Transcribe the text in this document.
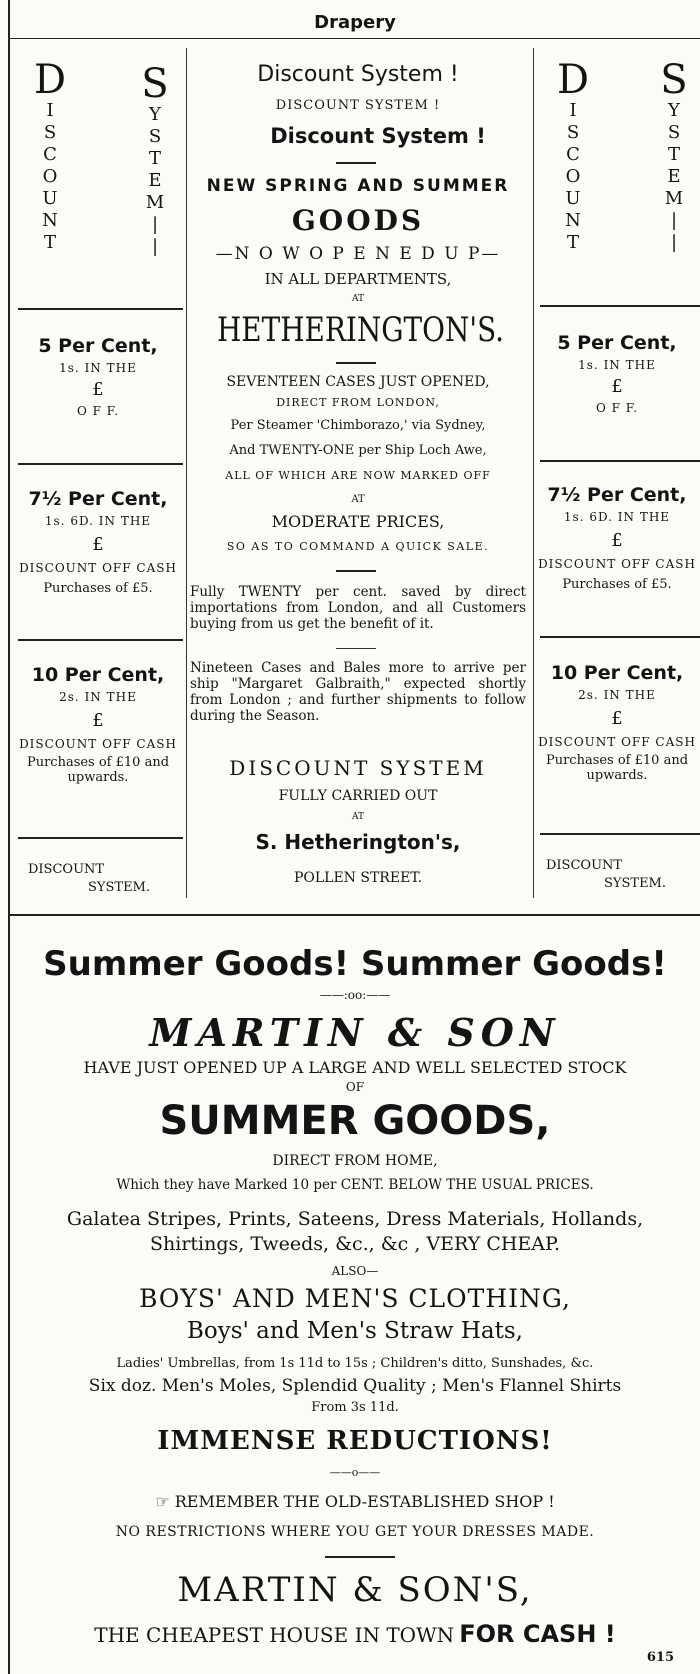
Drapery
D
I
S
C
O
U
N
T
S
Y
S
T
E
M
|
|
5 Per Cent,
1s. IN THE
£
O F F.
7½ Per Cent,
1s. 6D. IN THE
£
DISCOUNT OFF CASH
Purchases of £5.
10 Per Cent,
2s. IN THE
£
DISCOUNT OFF CASH
Purchases of £10 and
upwards.
DISCOUNT
SYSTEM.
Discount System !
DISCOUNT SYSTEM !
Discount System !
NEW SPRING AND SUMMER
GOODS
—N O W O P E N E D U P—
IN ALL DEPARTMENTS,
AT
HETHERINGTON'S.
SEVENTEEN CASES JUST OPENED,
DIRECT FROM LONDON,
Per Steamer 'Chimborazo,' via Sydney,
And TWENTY-ONE per Ship Loch Awe,
ALL OF WHICH ARE NOW MARKED OFF
AT
MODERATE PRICES,
SO AS TO COMMAND A QUICK SALE.
Fully TWENTY per cent. saved by direct importations from London, and all Customers buying from us get the benefit of it.
Nineteen Cases and Bales more to arrive per ship "Margaret Galbraith," expected shortly from London ; and further shipments to follow during the Season.
DISCOUNT SYSTEM
FULLY CARRIED OUT
AT
S. Hetherington's,
POLLEN STREET.
D
I
S
C
O
U
N
T
S
Y
S
T
E
M
|
|
5 Per Cent,
1s. IN THE
£
O F F.
7½ Per Cent,
1s. 6D. IN THE
£
DISCOUNT OFF CASH
Purchases of £5.
10 Per Cent,
2s. IN THE
£
DISCOUNT OFF CASH
Purchases of £10 and
upwards.
DISCOUNT
SYSTEM.
Summer Goods! Summer Goods!
——:oo:——
MARTIN & SON
HAVE JUST OPENED UP A LARGE AND WELL SELECTED STOCK
OF
SUMMER GOODS,
DIRECT FROM HOME,
Which they have Marked 10 per CENT. BELOW THE USUAL PRICES.
Galatea Stripes, Prints, Sateens, Dress Materials, Hollands,
Shirtings, Tweeds, &c., &c , VERY CHEAP.
ALSO—
BOYS' AND MEN'S CLOTHING,
Boys' and Men's Straw Hats,
Ladies' Umbrellas, from 1s 11d to 15s ; Children's ditto, Sunshades, &c.
Six doz. Men's Moles, Splendid Quality ; Men's Flannel Shirts
From 3s 11d.
IMMENSE REDUCTIONS!
——o——
☞ REMEMBER THE OLD-ESTABLISHED SHOP !
NO RESTRICTIONS WHERE YOU GET YOUR DRESSES MADE.
MARTIN & SON'S,
THE CHEAPEST HOUSE IN TOWN FOR CASH !
615
